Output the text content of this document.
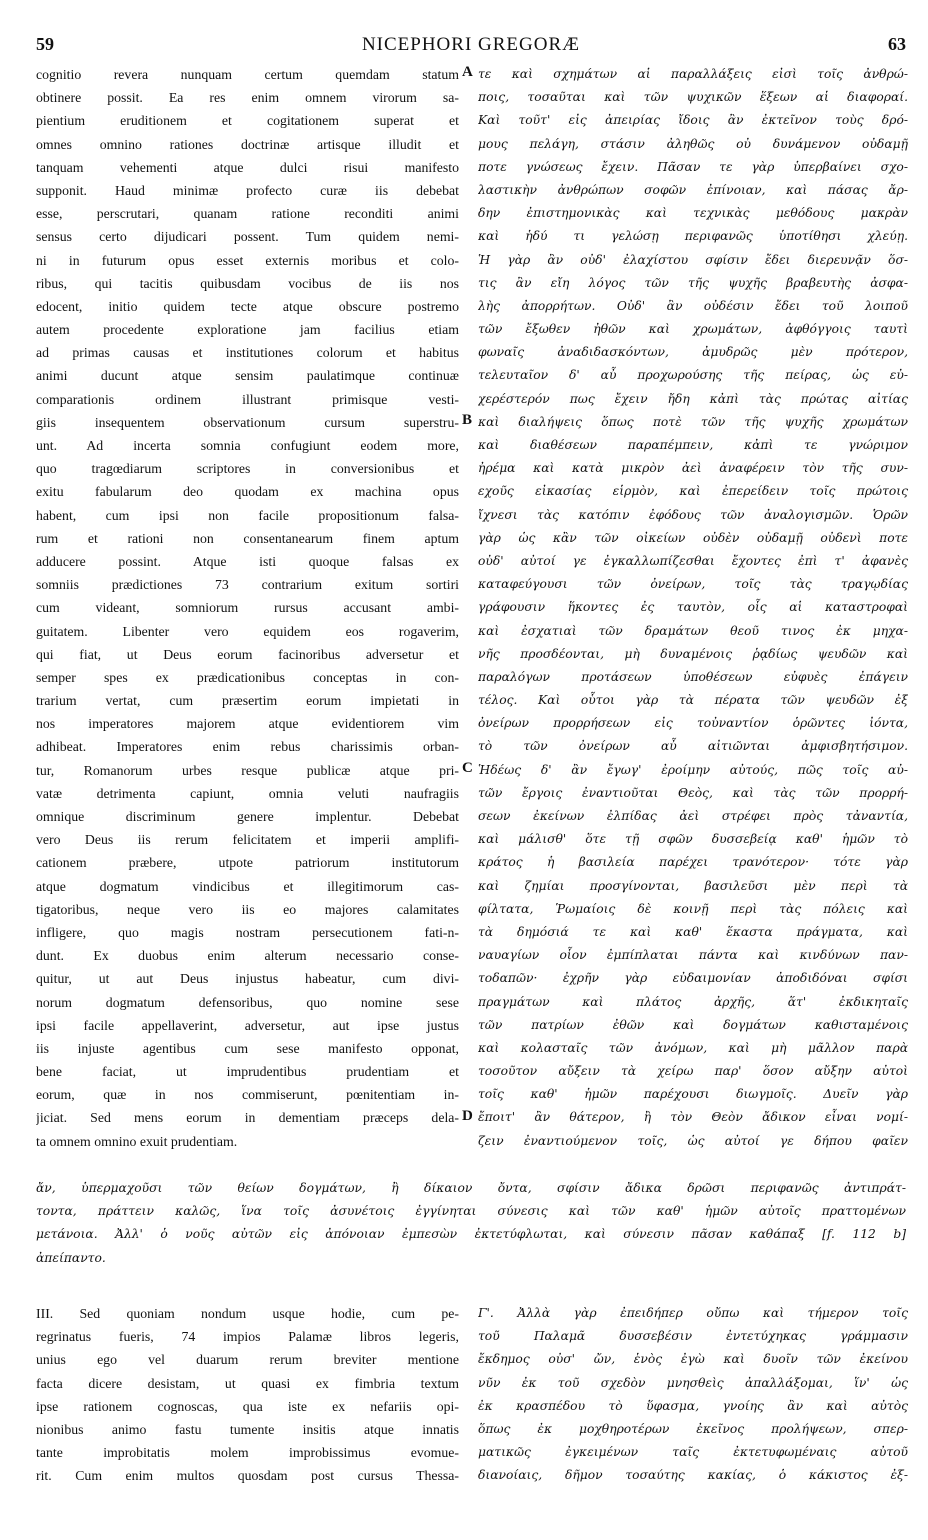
59	NICEPHORI GREGORÆ	63
cognitio revera nunquam certum quemdam statum
obtinere possit. Ea res enim omnem virorum sa-
pientium eruditionem et cogitationem superat et
omnes omnino rationes doctrinæ artisque illudit et
tanquam vehementi atque dulci risui manifesto
supponit. Haud minimæ profecto curæ iis debebat
esse, perscrutari, quanam ratione reconditi animi
sensus certo dijudicari possent. Tum quidem nemi-
ni in futurum opus esset externis moribus et colo-
ribus, qui tacitis quibusdam vocibus de iis nos
edocent, initio quidem tecte atque obscure postremo
autem procedente exploratione jam facilius etiam
ad primas causas et institutiones colorum et habitus
animi ducunt atque sensim paulatimque continuæ
comparationis ordinem illustrant primisque vesti-
giis insequentem observationum cursum superstru-
unt. Ad incerta somnia confugiunt eodem more,
quo tragœdiarum scriptores in conversionibus et
exitu fabularum deo quodam ex machina opus
habent, cum ipsi non facile propositionum falsa-
rum et rationi non consentanearum finem aptum
adducere possint. Atque isti quoque falsas ex
somniis prædictiones 73 contrarium exitum sortiri
cum videant, somniorum rursus accusant ambi-
guitatem. Libenter vero equidem eos rogaverim,
qui fiat, ut Deus eorum facinoribus adversetur et
semper spes ex prædicationibus conceptas in con-
trarium vertat, cum præsertim eorum impietati in
nos imperatores majorem atque evidentiorem vim
adhibeat. Imperatores enim rebus charissimis orban-
tur, Romanorum urbes resque publicæ atque pri-
vatæ detrimenta capiunt, omnia veluti naufragiis
omnique discriminum genere implentur. Debebat
vero Deus iis rerum felicitatem et imperii amplifi-
cationem præbere, utpote patriorum institutorum
atque dogmatum vindicibus et illegitimorum cas-
tigatoribus, neque vero iis eo majores calamitates
infligere, quo magis nostram persecutionem fati-n-
dunt. Ex duobus enim alterum necessario conse-
quitur, ut aut Deus injustus habeatur, cum divi-
norum dogmatum defensoribus, quo nomine sese
ipsi facile appellaverint, adversetur, aut ipse justus
iis injuste agentibus cum sese manifesto opponat,
bene faciat, ut imprudentibus prudentiam et
eorum, quæ in nos commiserunt, pœnitentiam in-
jiciat. Sed mens eorum in dementiam præceps dela-
ta omnem omnino exuit prudentiam.
τε καὶ σχημάτων αἱ παραλλάξεις εἰσὶ τοῖς ἀνθρώ-
ποις, τοσαῦται καὶ τῶν ψυχικῶν ἕξεων αἱ διαφοραί.
Καὶ τοῦτ' εἰς ἀπειρίας ἴδοις ἂν ἐκτεῖνον τοὺς δρό-
μους πελάγη, στάσιν ἀληθῶς οὐ δυνάμενον οὐδαμῇ
ποτε γνώσεως ἔχειν. Πᾶσαν τε γὰρ ὑπερβαίνει σχο-
λαστικὴν ἀνθρώπων σοφῶν ἐπίνοιαν, καὶ πάσας ἄρ-
δην ἐπιστημονικὰς καὶ τεχνικὰς μεθόδους μακρὰν
καὶ ἡδύ τι γελώσῃ περιφανῶς ὑποτίθησι χλεύῃ.
Ἡ γὰρ ἂν οὐδ' ἐλαχίστου σφίσιν ἔδει διερευνᾷν ὅσ-
τις ἂν εἴη λόγος τῶν τῆς ψυχῆς βραβευτὴς ἀσφα-
λὴς ἀπορρήτων. Οὐδ' ἂν οὐδέσιν ἔδει τοῦ λοιποῦ
τῶν ἔξωθεν ἠθῶν καὶ χρωμάτων, ἀφθόγγοις ταυτὶ
φωναῖς ἀναδιδασκόντων, ἀμυδρῶς μὲν πρότερον,
τελευταῖον δ' αὖ προχωρούσης τῆς πείρας, ὡς εὐ-
χερέστερόν πως ἔχειν ἤδη κἀπὶ τὰς πρώτας αἰτίας
καὶ διαλήψεις ὅπως ποτὲ τῶν τῆς ψυχῆς χρωμάτων
καὶ διαθέσεων παραπέμπειν, κἀπὶ τε γνώριμον
ἠρέμα καὶ κατὰ μικρὸν ἀεὶ ἀναφέρειν τὸν τῆς συν-
εχοῦς εἰκασίας εἱρμὸν, καὶ ἐπερείδειν τοῖς πρώτοις
ἴχνεσι τὰς κατόπιν ἐφόδους τῶν ἀναλογισμῶν. Ὁρῶν
γὰρ ὡς κἂν τῶν οἰκείων οὐδὲν οὐδαμῇ οὐδενὶ ποτε
οὐδ' αὐτοί γε ἐγκαλλωπίζεσθαι ἔχοντες ἐπὶ τ' ἀφανὲς
καταφεύγουσι τῶν ὀνείρων, τοῖς τὰς τραγῳδίας
γράφουσιν ἥκοντες ἐς ταυτὸν, οἷς αἱ καταστροφαὶ
καὶ ἐσχατιαὶ τῶν δραμάτων θεοῦ τινος ἐκ μηχα-
νῆς προσδέονται, μὴ δυναμένοις ῥᾳδίως ψευδῶν καὶ
παραλόγων προτάσεων ὑποθέσεων εὐφυὲς ἐπάγειν
τέλος. Καὶ οὗτοι γὰρ τὰ πέρατα τῶν ψευδῶν ἐξ
ὀνείρων προρρήσεων εἰς τοὐναντίον ὁρῶντες ἰόντα,
τὸ τῶν ὀνείρων αὖ αἰτιῶνται ἀμφισβητήσιμον.
Ἡδέως δ' ἂν ἔγωγ' ἐροίμην αὐτούς, πῶς τοῖς αὐ-
τῶν ἔργοις ἐναντιοῦται Θεὸς, καὶ τὰς τῶν προρρή-
σεων ἐκείνων ἐλπίδας ἀεὶ στρέφει πρὸς τἀναντία,
καὶ μάλισθ' ὅτε τῇ σφῶν δυσσεβείᾳ καθ' ἡμῶν τὸ
κράτος ἡ βασιλεία παρέχει τρανότερον· τότε γὰρ
καὶ ζημίαι προσγίνονται, βασιλεῦσι μὲν περὶ τὰ
φίλτατα, Ῥωμαίοις δὲ κοινῇ περὶ τὰς πόλεις καὶ
τὰ δημόσιά τε καὶ καθ' ἕκαστα πράγματα, καὶ
ναυαγίων οἷον ἐμπίπλαται πάντα καὶ κινδύνων παν-
τοδαπῶν· ἐχρῆν γὰρ εὐδαιμονίαν ἀποδιδόναι σφίσι
πραγμάτων καὶ πλάτος ἀρχῆς, ἅτ' ἐκδικηταῖς
τῶν πατρίων ἐθῶν καὶ δογμάτων καθισταμένοις
καὶ κολασταῖς τῶν ἀνόμων, καὶ μὴ μᾶλλον παρὰ
τοσοῦτον αὔξειν τὰ χείρω παρ' ὅσον αὔξην αὐτοὶ
τοῖς καθ' ἡμῶν παρέχουσι διωγμοῖς. Δυεῖν γὰρ
ἔποιτ' ἂν θάτερον, ἢ τὸν Θεὸν ἄδικον εἶναι νομί-
ζειν ἐναντιούμενον τοῖς, ὡς αὐτοί γε δήπου φαῖεν
A
B
C
D
ἄν, ὑπερμαχοῦσι τῶν θείων δογμάτων, ἢ δίκαιον ὄντα, σφίσιν ἄδικα δρῶσι περιφανῶς ἀντιπράτ-
τοντα, πράττειν καλῶς, ἵνα τοῖς ἀσυνέτοις ἐγγίνηται σύνεσις καὶ τῶν καθ' ἡμῶν αὐτοῖς πραττομένων
μετάνοια. Ἀλλ' ὁ νοῦς αὐτῶν εἰς ἀπόνοιαν ἐμπεσὼν ἐκτετύφλωται, καὶ σύνεσιν πᾶσαν καθάπαξ [f. 112 b]
ἀπείπαντο.
III. Sed quoniam nondum usque hodie, cum pe-
regrinatus fueris, 74 impios Palamæ libros legeris,
unius ego vel duarum rerum breviter mentione
facta dicere desistam, ut quasi ex fimbria textum
ipse rationem cognoscas, qua iste ex nefariis opi-
nionibus animo fastu tumente insitis atque innatis
tante improbitatis molem improbissimus evomue-
rit. Cum enim multos quosdam post cursus Thessa-
Γ'. Ἀλλὰ γὰρ ἐπειδήπερ οὔπω καὶ τήμερον τοῖς
τοῦ Παλαμᾶ δυσσεβέσιν ἐντετύχηκας γράμμασιν
ἔκδημος οὐσ' ὤν, ἑνὸς ἐγὼ καὶ δυοῖν τῶν ἐκείνου
νῦν ἐκ τοῦ σχεδὸν μνησθεὶς ἀπαλλάξομαι, ἵν' ὡς
ἐκ κρασπέδου τὸ ὕφασμα, γνοίης ἂν καὶ αὐτὸς
ὅπως ἐκ μοχθηροτέρων ἐκεῖνος προλήψεων, σπερ-
ματικῶς ἐγκειμένων ταῖς ἐκτετυφωμέναις αὐτοῦ
διανοίαις, δῆμον τοσαύτης κακίας, ὁ κάκιστος ἐξ-
